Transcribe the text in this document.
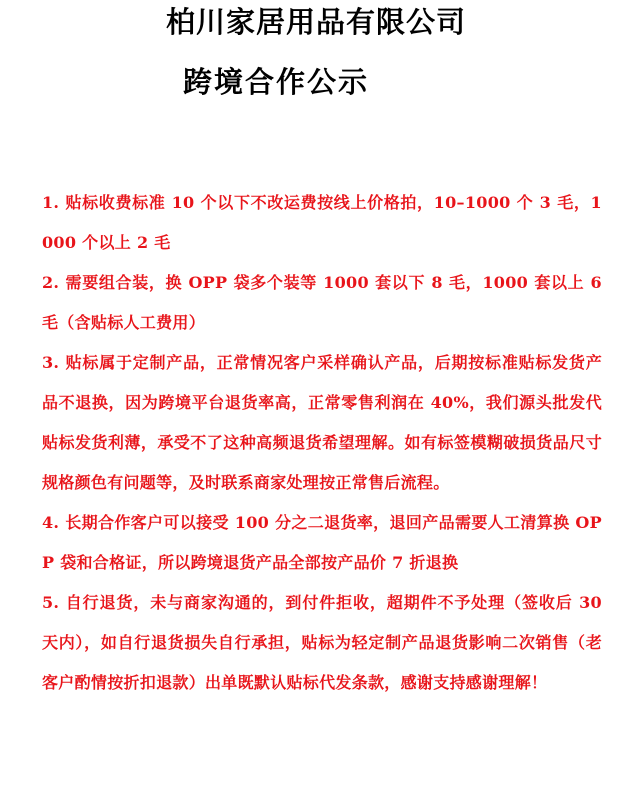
柏川家居用品有限公司
跨境合作公示
1. 贴标收费标准 10 个以下不改运费按线上价格拍，10–1000 个 3 毛，1000 个以上 2 毛
2. 需要组合装，换 OPP 袋多个装等 1000 套以下 8 毛，1000 套以上 6 毛（含贴标人工费用）
3. 贴标属于定制产品，正常情况客户采样确认产品，后期按标准贴标发货产品不退换，因为跨境平台退货率高，正常零售利润在 40%，我们源头批发代贴标发货利薄，承受不了这种高频退货希望理解。如有标签模糊破损货品尺寸规格颜色有问题等，及时联系商家处理按正常售后流程。
4. 长期合作客户可以接受 100 分之二退货率，退回产品需要人工清算换 OPP 袋和合格证，所以跨境退货产品全部按产品价 7 折退换
5. 自行退货，未与商家沟通的，到付件拒收，超期件不予处理（签收后 30 天内），如自行退货损失自行承担，贴标为轻定制产品退货影响二次销售（老客户酌情按折扣退款）出单既默认贴标代发条款，感谢支持感谢理解！
